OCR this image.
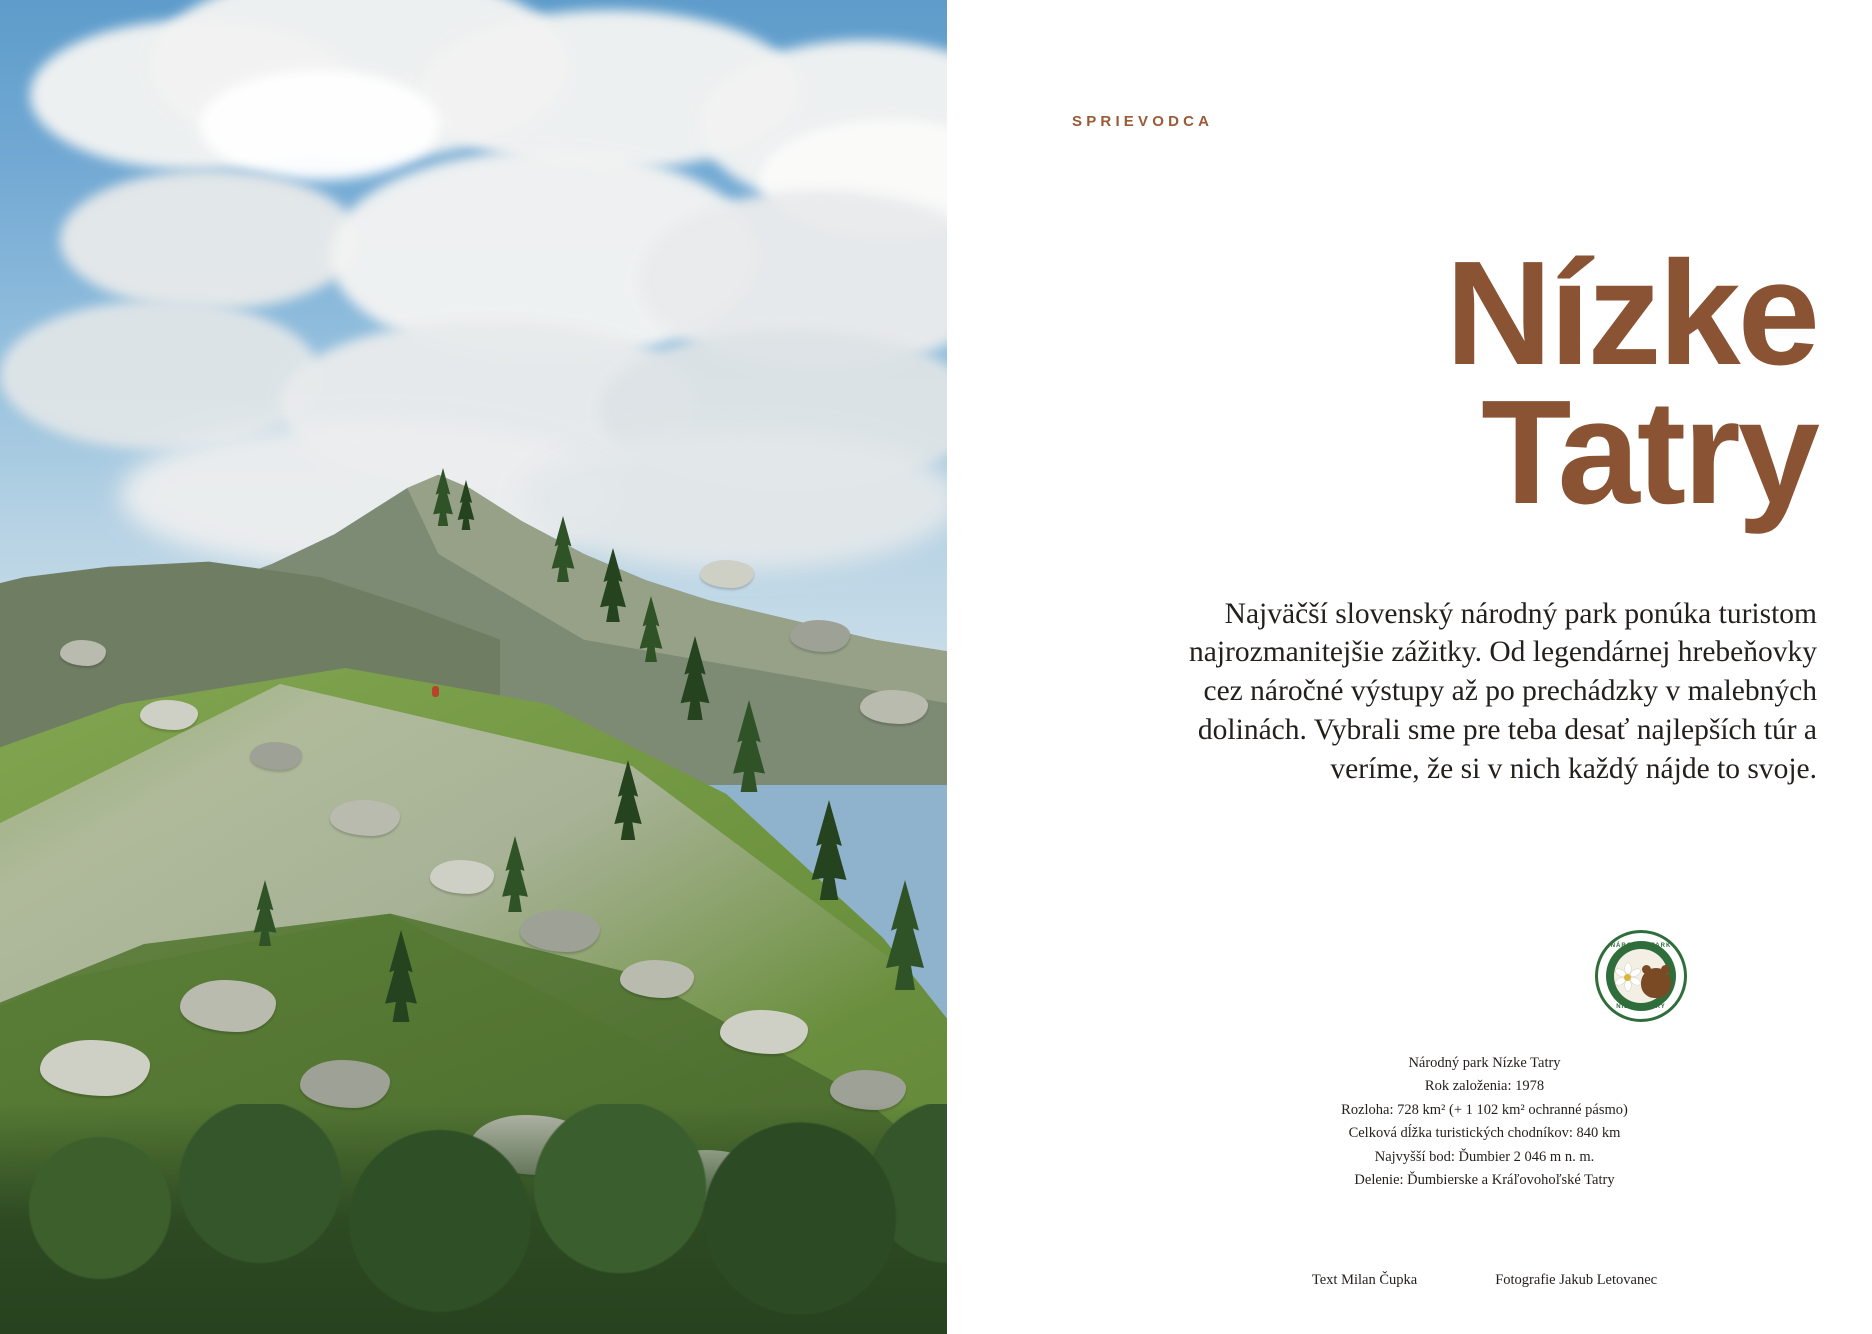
SPRIEVODCA
Nízke
Tatry

Najväčší slovenský národný park ponúka turistom najrozmanitejšie zážitky. Od legendárnej hrebeňovky cez náročné výstupy až po prechádzky v malebných dolinách. Vybrali sme pre teba desať najlepších túr a veríme, že si v nich každý nájde to svoje.

NÁRODNÝ PARK
NÍZKE TATRY
Národný park Nízke Tatry
Rok založenia: 1978
Rozloha: 728 km² (+ 1 102 km² ochranné pásmo)
Celková dĺžka turistických chodníkov: 840 km
Najvyšší bod: Ďumbier 2 046 m n. m.
Delenie: Ďumbierske a Kráľovohoľské Tatry
Text Milan Čupka	Fotografie Jakub Letovanec
